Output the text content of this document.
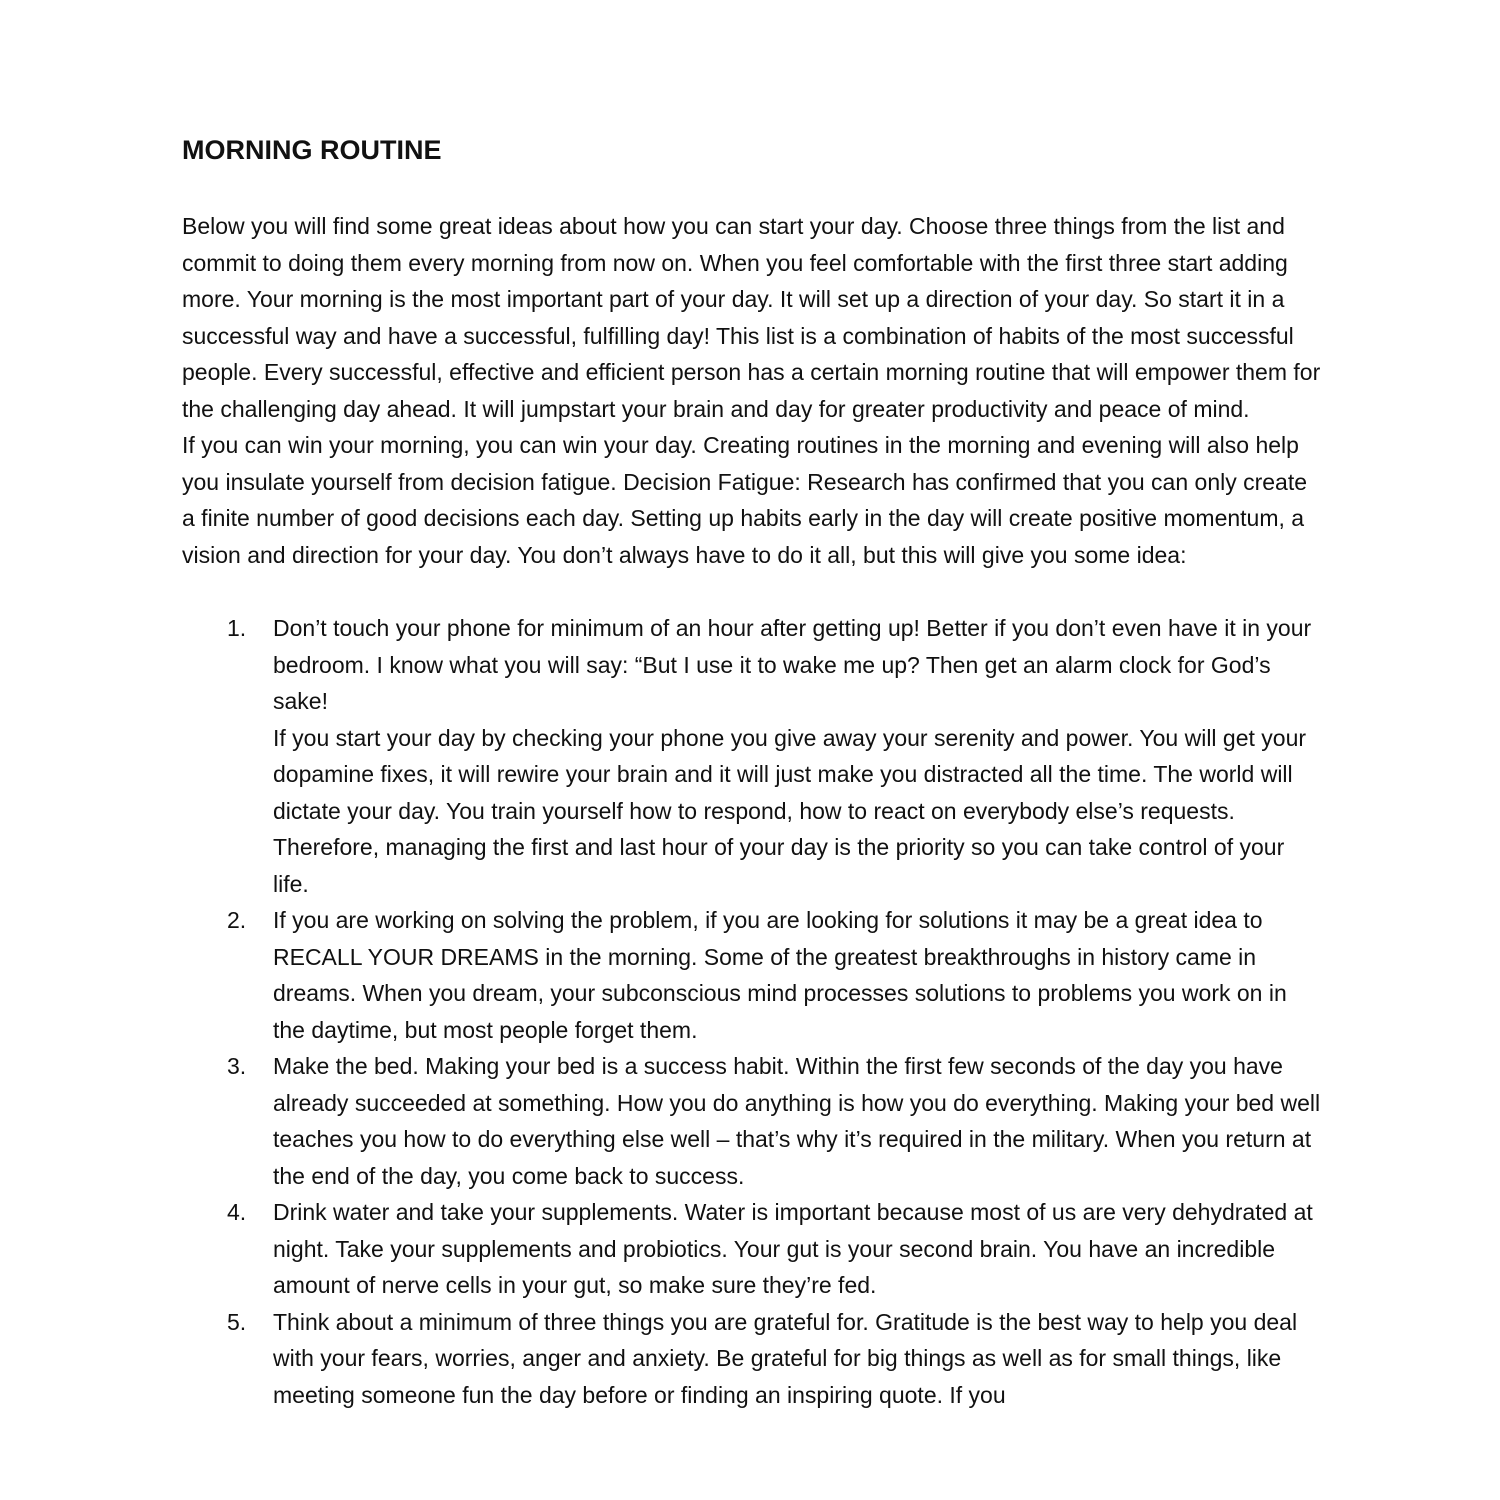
MORNING ROUTINE

Below you will find some great ideas about how you can start your day. Choose three things from the list and commit to doing them every morning from now on. When you feel comfortable with the first three start adding more. Your morning is the most important part of your day. It will set up a direction of your day. So start it in a successful way and have a successful, fulfilling day! This list is a combination of habits of the most successful people. Every successful, effective and efficient person has a certain morning routine that will empower them for the challenging day ahead. It will jumpstart your brain and day for greater productivity and peace of mind.

If you can win your morning, you can win your day. Creating routines in the morning and evening will also help you insulate yourself from decision fatigue. Decision Fatigue: Research has confirmed that you can only create a finite number of good decisions each day. Setting up habits early in the day will create positive momentum, a vision and direction for your day. You don’t always have to do it all, but this will give you some idea:

1. Don’t touch your phone for minimum of an hour after getting up! Better if you don’t even have it in your bedroom. I know what you will say: “But I use it to wake me up? Then get an alarm clock for God’s sake!
If you start your day by checking your phone you give away your serenity and power. You will get your dopamine fixes, it will rewire your brain and it will just make you distracted all the time. The world will dictate your day. You train yourself how to respond, how to react on everybody else’s requests. Therefore, managing the first and last hour of your day is the priority so you can take control of your life.
2. If you are working on solving the problem, if you are looking for solutions it may be a great idea to RECALL YOUR DREAMS in the morning. Some of the greatest breakthroughs in history came in dreams. When you dream, your subconscious mind processes solutions to problems you work on in the daytime, but most people forget them.
3. Make the bed. Making your bed is a success habit. Within the first few seconds of the day you have already succeeded at something. How you do anything is how you do everything. Making your bed well teaches you how to do everything else well – that’s why it’s required in the military. When you return at the end of the day, you come back to success.
4. Drink water and take your supplements. Water is important because most of us are very dehydrated at night. Take your supplements and probiotics. Your gut is your second brain. You have an incredible amount of nerve cells in your gut, so make sure they’re fed.
5. Think about a minimum of three things you are grateful for. Gratitude is the best way to help you deal with your fears, worries, anger and anxiety. Be grateful for big things as well as for small things, like meeting someone fun the day before or finding an inspiring quote. If you
